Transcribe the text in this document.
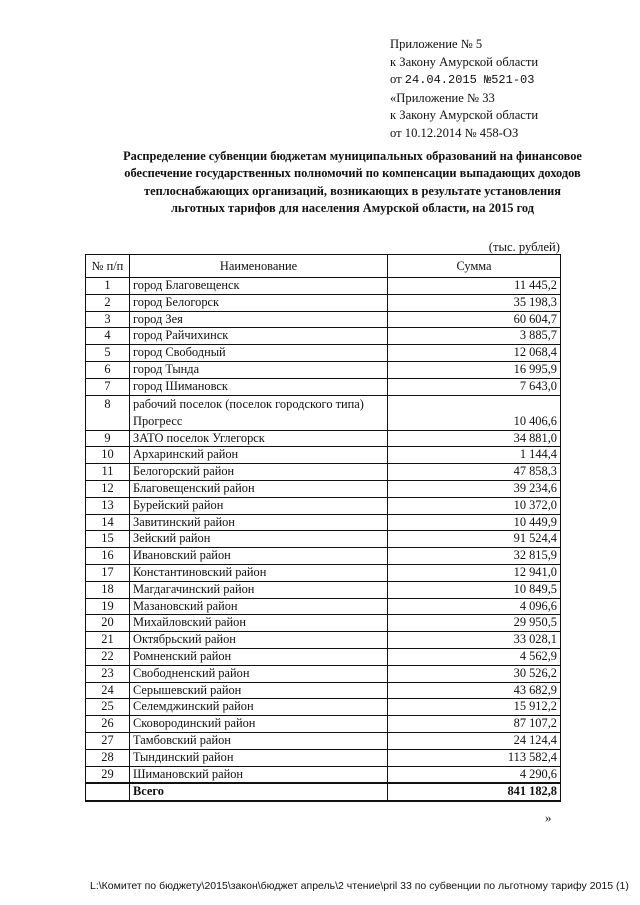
Приложение № 5
к Закону Амурской области
от 24.04.2015 №521-03
«Приложение № 33
к Закону Амурской области
от 10.12.2014 № 458-ОЗ
Распределение субвенции бюджетам муниципальных образований на финансовое обеспечение государственных полномочий по компенсации выпадающих доходов теплоснабжающих организаций, возникающих в результате установления льготных тарифов для населения Амурской области, на 2015 год
(тыс. рублей)
№ п/п	Наименование	Сумма
1	город Благовещенск	11 445,2
2	город Белогорск	35 198,3
3	город Зея	60 604,7
4	город Райчихинск	3 885,7
5	город Свободный	12 068,4
6	город Тында	16 995,9
7	город Шимановск	7 643,0
8	рабочий поселок (поселок городского типа) Прогресс	10 406,6
9	ЗАТО поселок Углегорск	34 881,0
10	Архаринский район	1 144,4
11	Белогорский район	47 858,3
12	Благовещенский район	39 234,6
13	Бурейский район	10 372,0
14	Завитинский район	10 449,9
15	Зейский район	91 524,4
16	Ивановский район	32 815,9
17	Константиновский район	12 941,0
18	Магдагачинский район	10 849,5
19	Мазановский район	4 096,6
20	Михайловский район	29 950,5
21	Октябрьский район	33 028,1
22	Ромненский район	4 562,9
23	Свободненский район	30 526,2
24	Серышевский район	43 682,9
25	Селемджинский район	15 912,2
26	Сковородинский район	87 107,2
27	Тамбовский район	24 124,4
28	Тындинский район	113 582,4
29	Шимановский район	4 290,6
	Всего	841 182,8
»
L:\Комитет по бюджету\2015\закон\бюджет апрель\2 чтение\pril 33 по субвенции по льготному тарифу 2015 (1)
